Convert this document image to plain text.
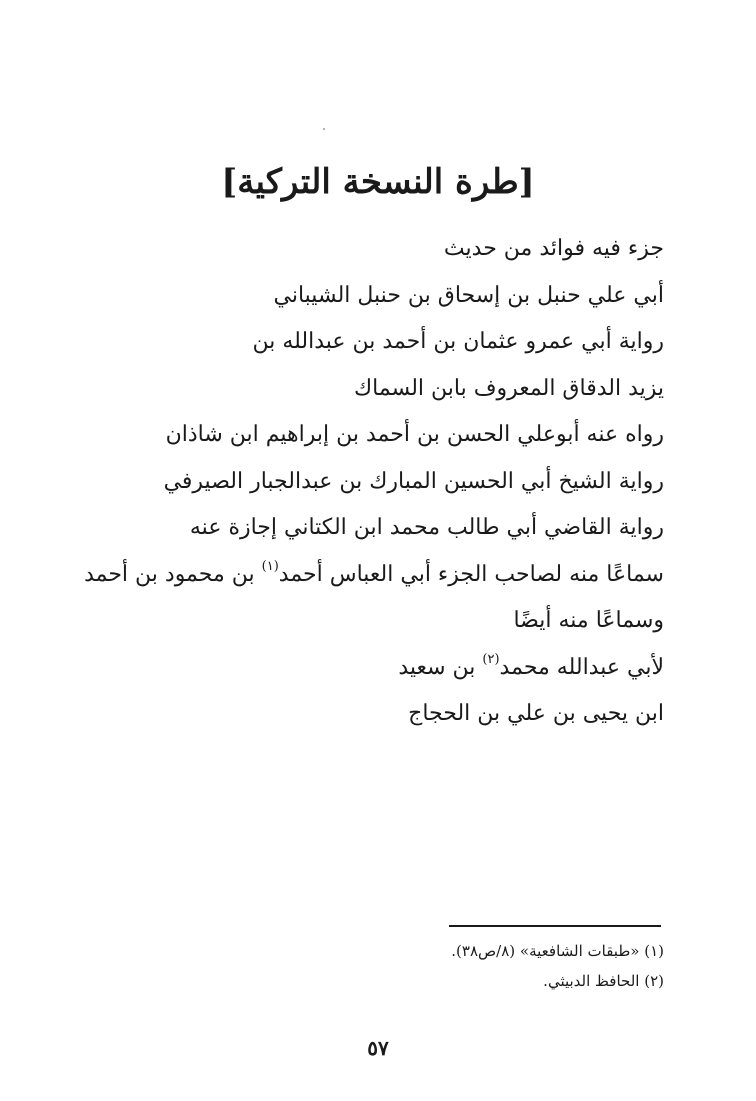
[طرة النسخة التركية]
جزء فيه فوائد من حديث
أبي علي حنبل بن إسحاق بن حنبل الشيباني
رواية أبي عمرو عثمان بن أحمد بن عبدالله بن
يزيد الدقاق المعروف بابن السماك
رواه عنه أبوعلي الحسن بن أحمد بن إبراهيم ابن شاذان
رواية الشيخ أبي الحسين المبارك بن عبدالجبار الصيرفي
رواية القاضي أبي طالب محمد ابن الكتاني إجازة عنه
سماعًا منه لصاحب الجزء أبي العباس أحمد$^{(١)}$ بن محمود بن أحمد
وسماعًا منه أيضًا
لأبي عبدالله محمد$^{(٢)}$ بن سعيد
ابن يحيى بن علي بن الحجاج
(١) «طبقات الشافعية» (٨/ص٣٨).
(٢) الحافظ الدبيثي.
٥٧
